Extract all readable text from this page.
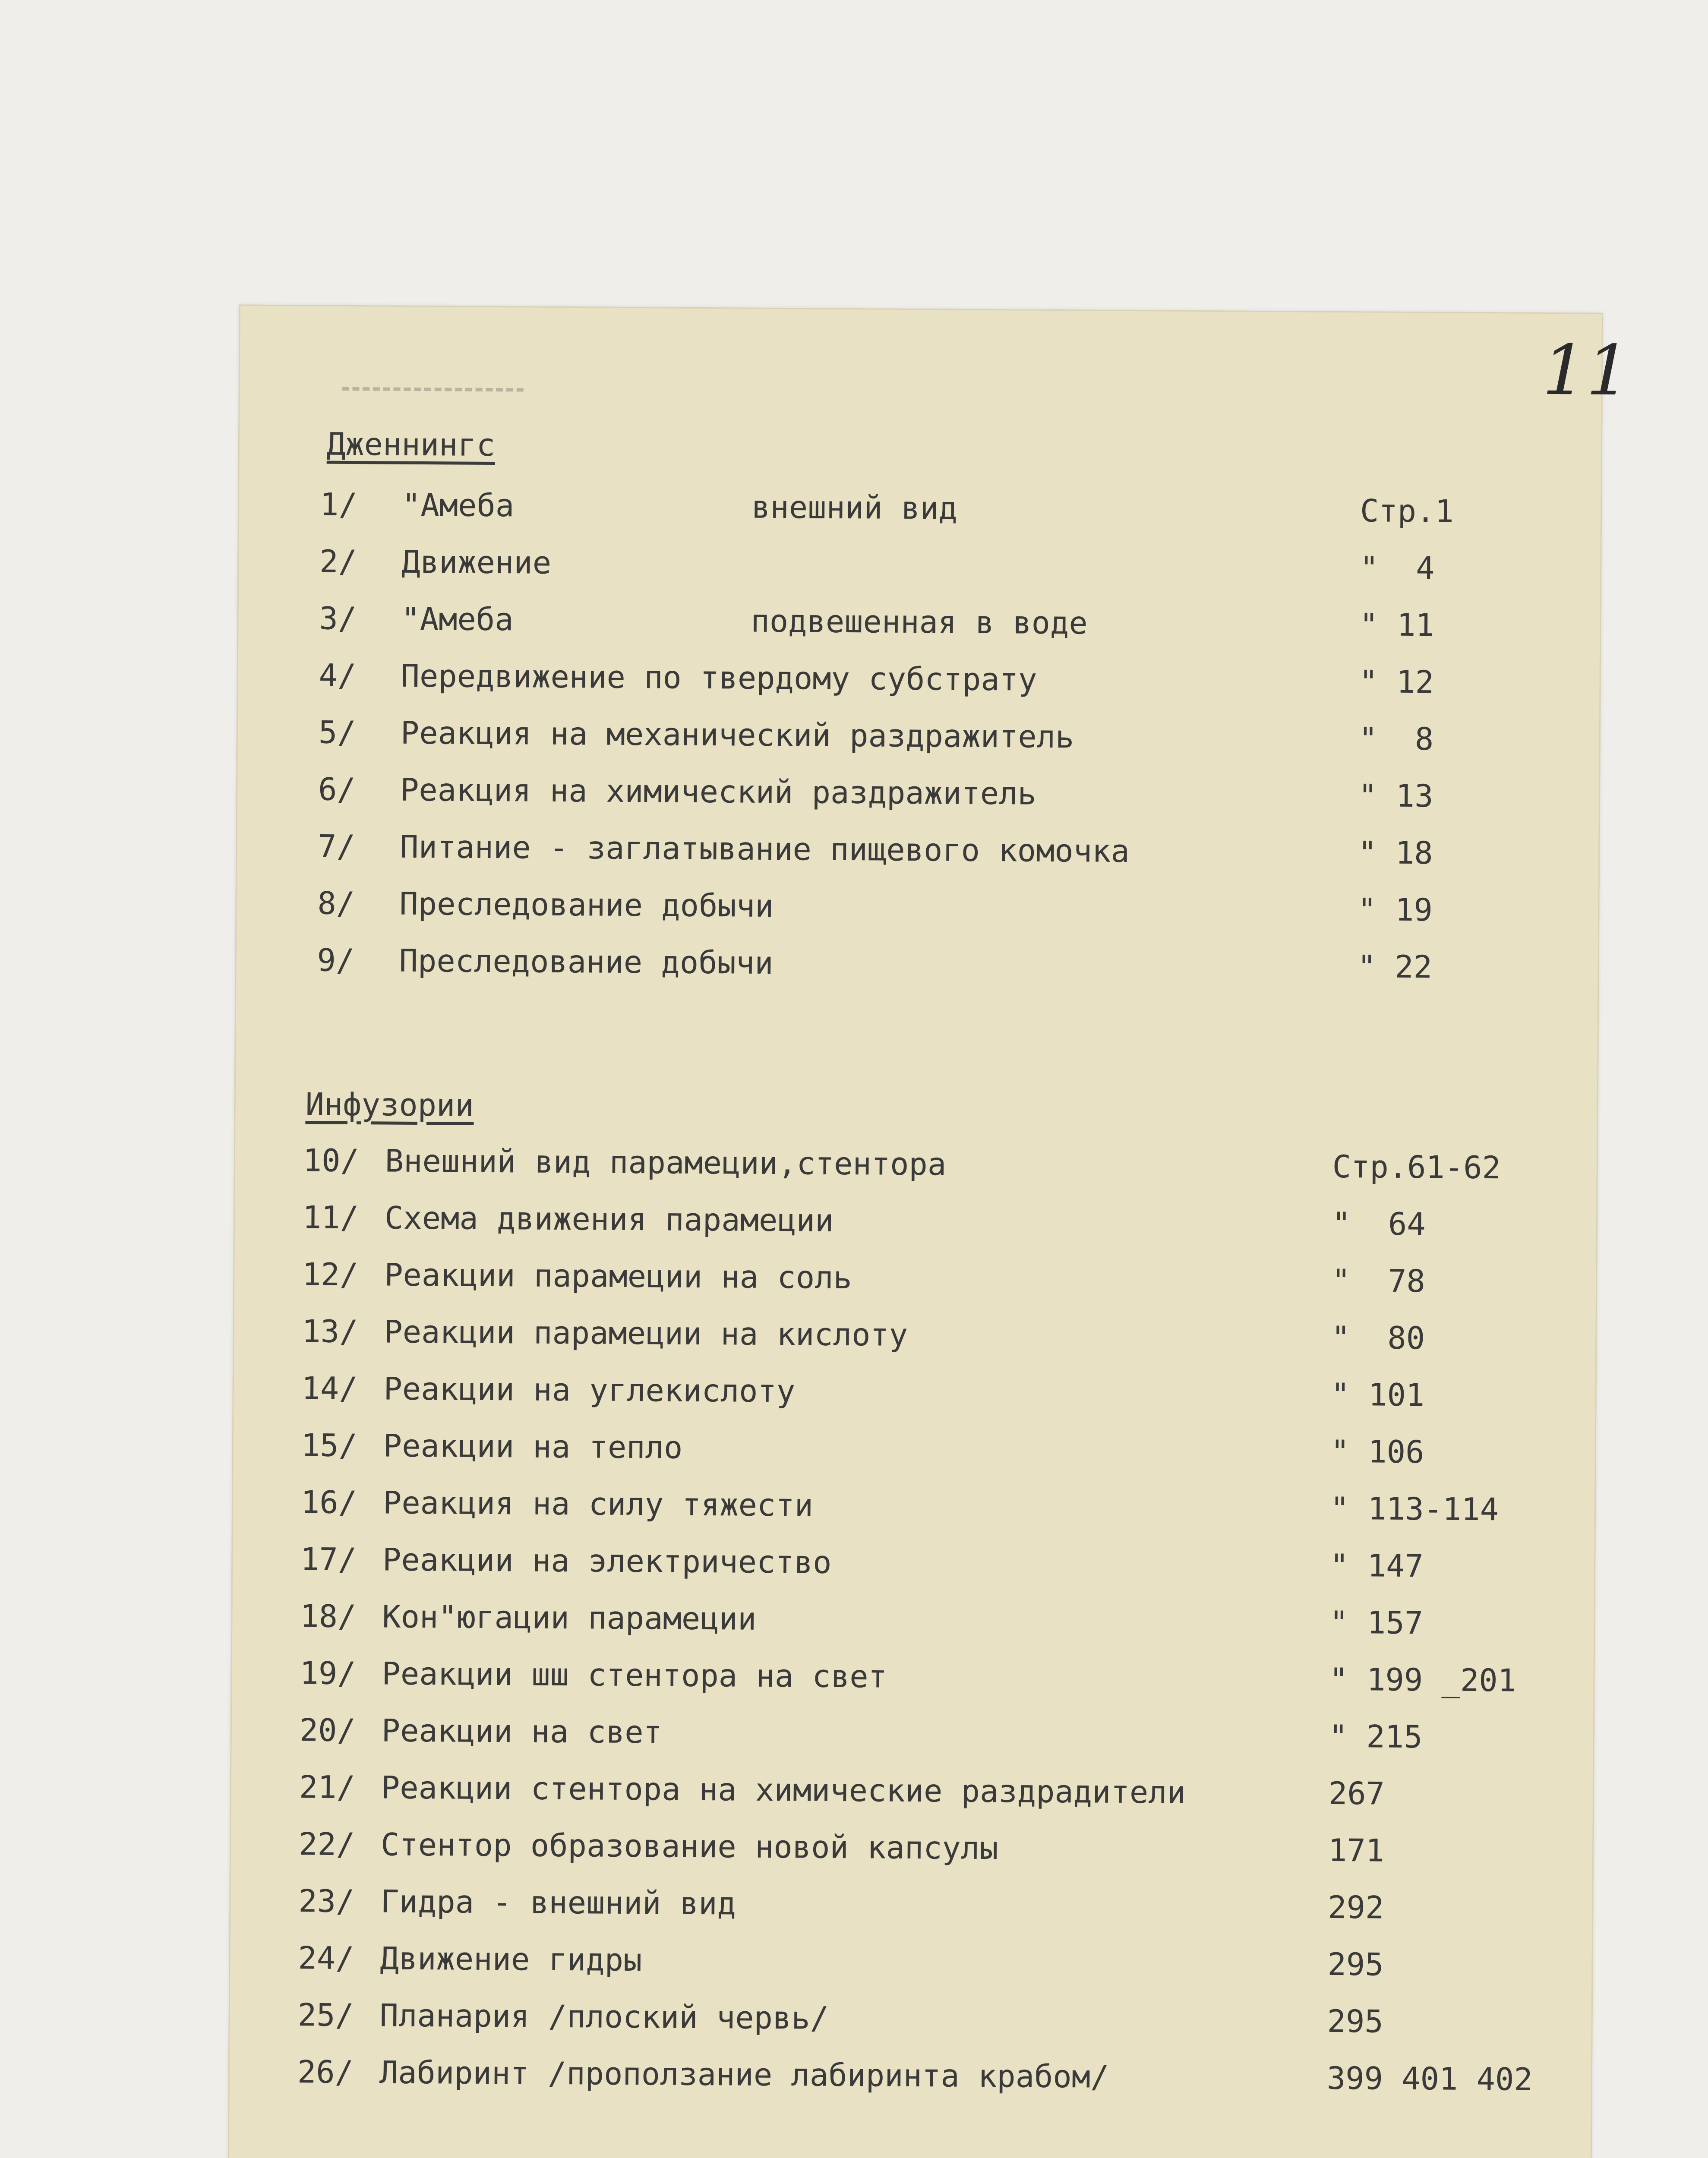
11
Дженнингс
1/ "Амеба	внешний вид	Стр.1
2/ Движение	"  4
3/ "Амеба	подвешенная в воде	" 11
4/ Передвижение по твердому субстрату	" 12
5/ Реакция на механический раздражитель	"  8
6/ Реакция на химический раздражитель	" 13
7/ Питание - заглатывание пищевого комочка	" 18
8/ Преследование добычи	" 19
9/ Преследование добычи	" 22
Инфузории
10/ Внешний вид парамеции,стентора	Стр.61-62
11/ Схема движения парамеции	"  64
12/ Реакции парамеции на соль	"  78
13/ Реакции парамеции на кислоту	"  80
14/ Реакции на углекислоту	" 101
15/ Реакции на тепло	" 106
16/ Реакция на силу тяжести	" 113-114
17/ Реакции на электричество	" 147
18/ Кон"югации парамеции	" 157
19/ Реакции шш стентора на свет	" 199 _201
20/ Реакции на свет	" 215
21/ Реакции стентора на химические раздрадители	267
22/ Стентор образование новой капсулы	171
23/ Гидра - внешний вид	292
24/ Движение гидры	295
25/ Планария /плоский червь/	295
26/ Лабиринт /проползание лабиринта крабом/	399 401 402
